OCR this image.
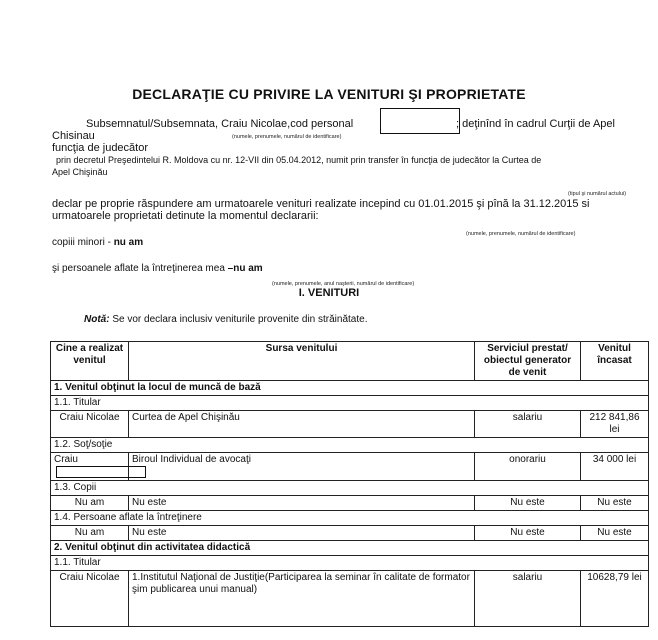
DECLARAŢIE CU PRIVIRE LA VENITURI ŞI PROPRIETATE
Subsemnatul/Subsemnata, Craiu Nicolae,cod personal	; deţinînd în cadrul Curţii de Apel
Chisinau	(numele, prenumele, numărul de identificare)
funcţia de judecător
prin decretul Preşedintelui R. Moldova cu nr. 12-VII din 05.04.2012, numit prin transfer în funcţia de judecător la Curtea de
Apel Chişinău
(tipul şi numărul actului)
declar pe proprie răspundere am urmatoarele venituri realizate incepind cu 01.01.2015 şi pînă la 31.12.2015 si
urmatoarele proprietati detinute la momentul declararii:
(numele, prenumele, numărul de identificare)
copiii minori - nu am
şi persoanele aflate la întreţinerea mea –nu am
(numele, prenumele, anul naşterii, numărul de identificare)
I. VENITURI
Notă: Se vor declara inclusiv veniturile provenite din străinătate.
Cine a realizat venitul	Sursa venitului	Serviciul prestat/ obiectul generator de venit	Venitul încasat
1. Venitul obţinut la locul de muncă de bază			
1.1. Titular			
Craiu Nicolae	Curtea de Apel Chişinău	salariu	212 841,86 lei
1.2. Soţ/soţie			
Craiu	Biroul Individual de avocaţi	onorariu	34 000 lei
1.3. Copii			
Nu am	Nu este	Nu este	Nu este
1.4. Persoane aflate la întreţinere			
Nu am	Nu este	Nu este	Nu este
2. Venitul obţinut din activitatea didactică			
1.1. Titular			
Craiu Nicolae	1.Institutul Naţional de Justiţie(Participarea la seminar în calitate de formator şim publicarea unui manual)	salariu	10628,79 lei
